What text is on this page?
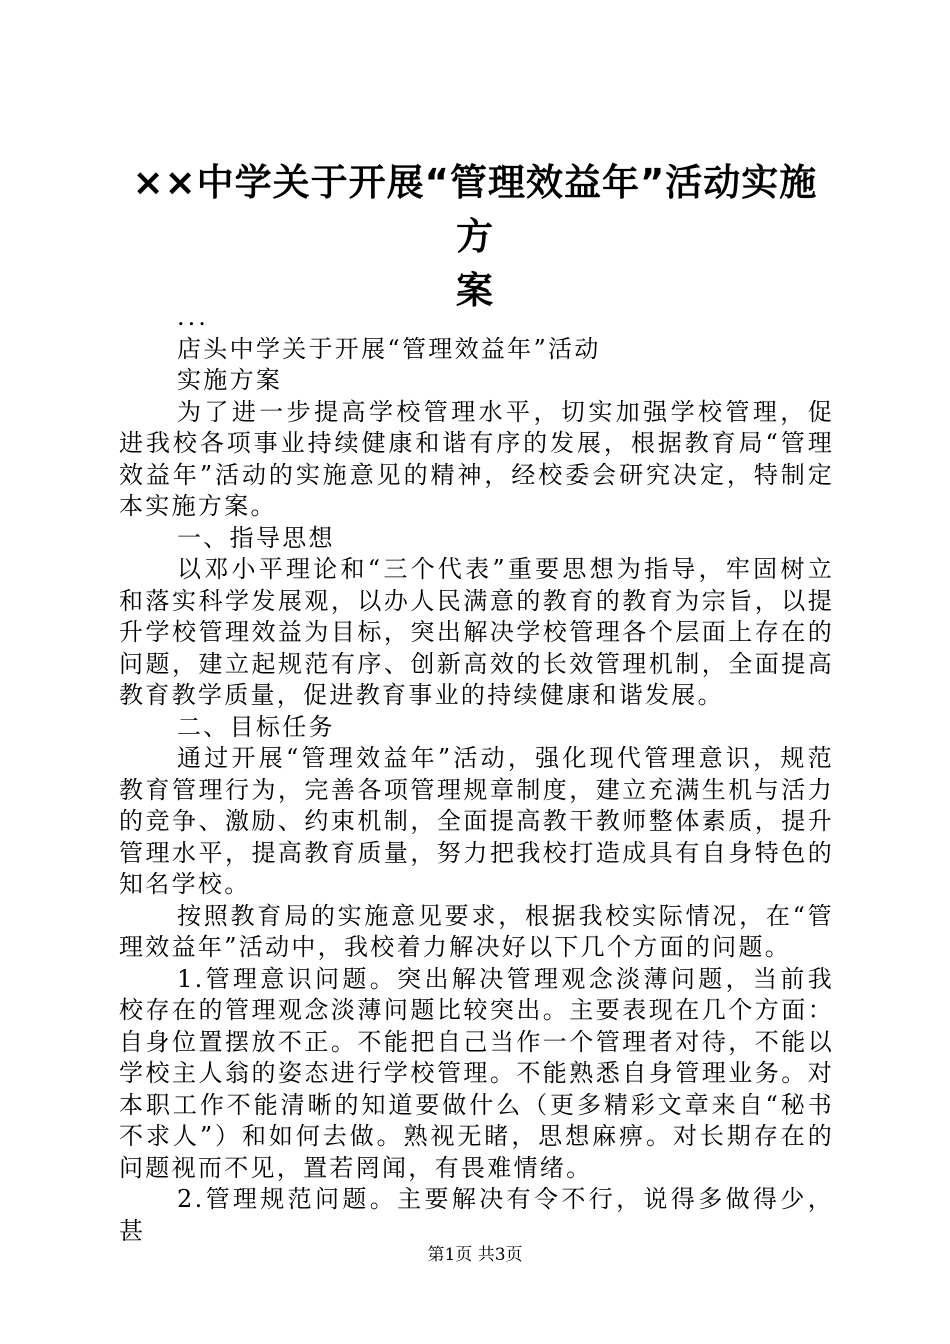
××中学关于开展“管理效益年”活动实施方
案

...

店头中学关于开展“管理效益年”活动

实施方案

为了进一步提高学校管理水平，切实加强学校管理，促进我校各项事业持续健康和谐有序的发展，根据教育局“管理效益年”活动的实施意见的精神，经校委会研究决定，特制定本实施方案。

一、指导思想

以邓小平理论和“三个代表”重要思想为指导，牢固树立和落实科学发展观，以办人民满意的教育的教育为宗旨，以提升学校管理效益为目标，突出解决学校管理各个层面上存在的问题，建立起规范有序、创新高效的长效管理机制，全面提高教育教学质量，促进教育事业的持续健康和谐发展。

二、目标任务

通过开展“管理效益年”活动，强化现代管理意识，规范教育管理行为，完善各项管理规章制度，建立充满生机与活力的竞争、激励、约束机制，全面提高教干教师整体素质，提升管理水平，提高教育质量，努力把我校打造成具有自身特色的知名学校。

按照教育局的实施意见要求，根据我校实际情况，在“管理效益年”活动中，我校着力解决好以下几个方面的问题。

1.管理意识问题。突出解决管理观念淡薄问题，当前我校存在的管理观念淡薄问题比较突出。主要表现在几个方面：自身位置摆放不正。不能把自己当作一个管理者对待，不能以学校主人翁的姿态进行学校管理。不能熟悉自身管理业务。对本职工作不能清晰的知道要做什么（更多精彩文章来自“秘书不求人”）和如何去做。熟视无睹，思想麻痹。对长期存在的问题视而不见，置若罔闻，有畏难情绪。

2.管理规范问题。主要解决有令不行，说得多做得少，甚

第1页 共3页
